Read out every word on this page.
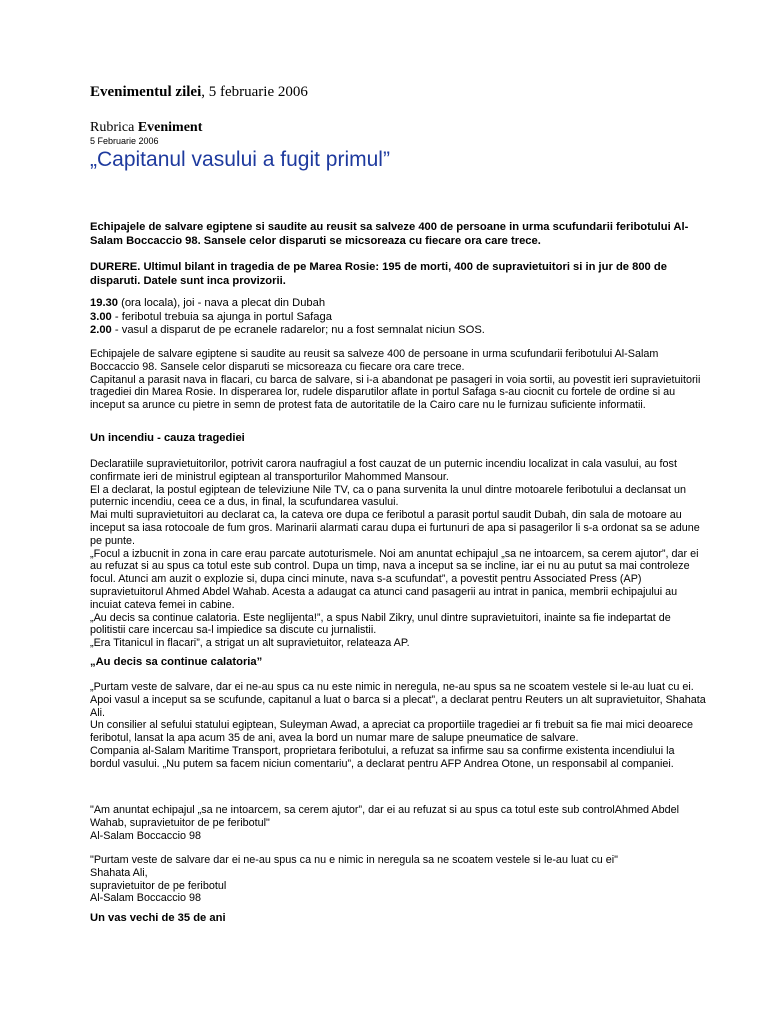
Evenimentul zilei, 5 februarie 2006
Rubrica Eveniment
5 Februarie 2006
„Capitanul vasului a fugit primul”
Echipajele de salvare egiptene si saudite au reusit sa salveze 400 de persoane in urma scufundarii feribotului Al-Salam Boccaccio 98. Sansele celor disparuti se micsoreaza cu fiecare ora care trece.
DURERE. Ultimul bilant in tragedia de pe Marea Rosie: 195 de morti, 400 de supravietuitori si in jur de 800 de disparuti. Datele sunt inca provizorii.

19.30 (ora locala), joi - nava a plecat din Dubah

3.00 - feribotul trebuia sa ajunga in portul Safaga

2.00 - vasul a disparut de pe ecranele radarelor; nu a fost semnalat niciun SOS.

Echipajele de salvare egiptene si saudite au reusit sa salveze 400 de persoane in urma scufundarii feribotului Al-Salam Boccaccio 98. Sansele celor disparuti se micsoreaza cu fiecare ora care trece.

Capitanul a parasit nava in flacari, cu barca de salvare, si i-a abandonat pe pasageri in voia sortii, au povestit ieri supravietuitorii tragediei din Marea Rosie. In disperarea lor, rudele disparutilor aflate in portul Safaga s-au ciocnit cu fortele de ordine si au inceput sa arunce cu pietre in semn de protest fata de autoritatile de la Cairo care nu le furnizau suficiente informatii.

Un incendiu - cauza tragediei

Declaratiile supravietuitorilor, potrivit carora naufragiul a fost cauzat de un puternic incendiu localizat in cala vasului, au fost confirmate ieri de ministrul egiptean al transporturilor Mahommed Mansour.

El a declarat, la postul egiptean de televiziune Nile TV, ca o pana survenita la unul dintre motoarele feribotului a declansat un puternic incendiu, ceea ce a dus, in final, la scufundarea vasului.

Mai multi supravietuitori au declarat ca, la cateva ore dupa ce feribotul a parasit portul saudit Dubah, din sala de motoare au inceput sa iasa rotocoale de fum gros. Marinarii alarmati carau dupa ei furtunuri de apa si pasagerilor li s-a ordonat sa se adune pe punte.

„Focul a izbucnit in zona in care erau parcate autoturismele. Noi am anuntat echipajul „sa ne intoarcem, sa cerem ajutor”, dar ei au refuzat si au spus ca totul este sub control. Dupa un timp, nava a inceput sa se incline, iar ei nu au putut sa mai controleze focul. Atunci am auzit o explozie si, dupa cinci minute, nava s-a scufundat”, a povestit pentru Associated Press (AP) supravietuitorul Ahmed Abdel Wahab. Acesta a adaugat ca atunci cand pasagerii au intrat in panica, membrii echipajului au incuiat cateva femei in cabine.

„Au decis sa continue calatoria. Este neglijenta!”, a spus Nabil Zikry, unul dintre supravietuitori, inainte sa fie indepartat de politistii care incercau sa-l impiedice sa discute cu jurnalistii.

„Era Titanicul in flacari”, a strigat un alt supravietuitor, relateaza AP.

„Au decis sa continue calatoria”

„Purtam veste de salvare, dar ei ne-au spus ca nu este nimic in neregula, ne-au spus sa ne scoatem vestele si le-au luat cu ei. Apoi vasul a inceput sa se scufunde, capitanul a luat o barca si a plecat”, a declarat pentru Reuters un alt supravietuitor, Shahata Ali.

Un consilier al sefului statului egiptean, Suleyman Awad, a apreciat ca proportiile tragediei ar fi trebuit sa fie mai mici deoarece feribotul, lansat la apa acum 35 de ani, avea la bord un numar mare de salupe pneumatice de salvare.

Compania al-Salam Maritime Transport, proprietara feribotului, a refuzat sa infirme sau sa confirme existenta incendiului la bordul vasului. „Nu putem sa facem niciun comentariu”, a declarat pentru AFP Andrea Otone, un responsabil al companiei.

"Am anuntat echipajul „sa ne intoarcem, sa cerem ajutor”, dar ei au refuzat si au spus ca totul este sub controlAhmed Abdel Wahab, supravietuitor de pe feribotul"

Al-Salam Boccaccio 98

"Purtam veste de salvare dar ei ne-au spus ca nu e nimic in neregula sa ne scoatem vestele si le-au luat cu ei"

Shahata Ali,

supravietuitor de pe feribotul

Al-Salam Boccaccio 98

Un vas vechi de 35 de ani
